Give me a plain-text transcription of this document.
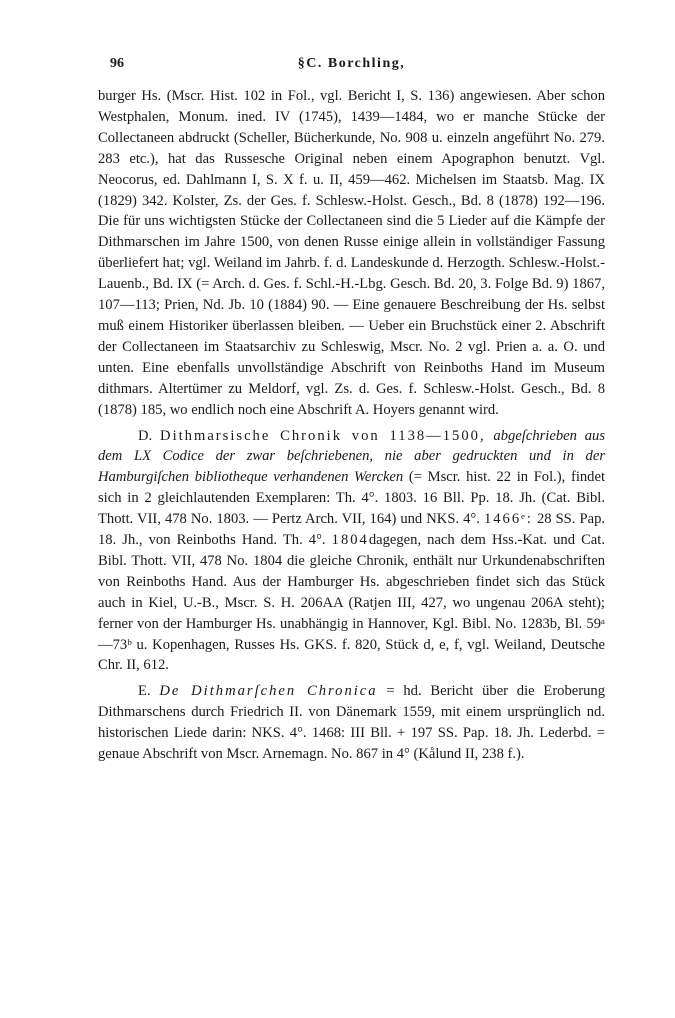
96	§C. Borchling,

burger Hs. (Mscr. Hist. 102 in Fol., vgl. Bericht I, S. 136) angewiesen. Aber schon Westphalen, Monum. ined. IV (1745), 1439—1484, wo er manche Stücke der Collectaneen abdruckt (Scheller, Bücherkunde, No. 908 u. einzeln angeführt No. 279. 283 etc.), hat das Russesche Original neben einem Apographon benutzt. Vgl. Neocorus, ed. Dahlmann I, S. X f. u. II, 459—462. Michelsen im Staatsb. Mag. IX (1829) 342. Kolster, Zs. der Ges. f. Schlesw.-Holst. Gesch., Bd. 8 (1878) 192—196. Die für uns wichtigsten Stücke der Collectaneen sind die 5 Lieder auf die Kämpfe der Dithmarschen im Jahre 1500, von denen Russe einige allein in vollständiger Fassung überliefert hat; vgl. Weiland im Jahrb. f. d. Landeskunde d. Herzogth. Schlesw.-Holst.-Lauenb., Bd. IX (= Arch. d. Ges. f. Schl.-H.-Lbg. Gesch. Bd. 20, 3. Folge Bd. 9) 1867, 107—113; Prien, Nd. Jb. 10 (1884) 90. — Eine genauere Beschreibung der Hs. selbst muß einem Historiker überlassen bleiben. — Ueber ein Bruchstück einer 2. Abschrift der Collectaneen im Staatsarchiv zu Schleswig, Mscr. No. 2 vgl. Prien a. a. O. und unten. Eine ebenfalls unvollständige Abschrift von Reinboths Hand im Museum dithmars. Altertümer zu Meldorf, vgl. Zs. d. Ges. f. Schlesw.-Holst. Gesch., Bd. 8 (1878) 185, wo endlich noch eine Abschrift A. Hoyers genannt wird.

D. Dithmarsische Chronik von 1138—1500, abgeſchrieben aus dem LX Codice der zwar beſchriebenen, nie aber gedruckten und in der Hamburgiſchen bibliotheque verhandenen Wercken (= Mscr. hist. 22 in Fol.), findet sich in 2 gleichlautenden Exemplaren: Th. 4°. 1803. 16 Bll. Pp. 18. Jh. (Cat. Bibl. Thott. VII, 478 No. 1803. — Pertz Arch. VII, 164) und NKS. 4°. 1466ᵉ: 28 SS. Pap. 18. Jh., von Reinboths Hand. Th. 4°. 1804dagegen, nach dem Hss.-Kat. und Cat. Bibl. Thott. VII, 478 No. 1804 die gleiche Chronik, enthält nur Urkundenabschriften von Reinboths Hand. Aus der Hamburger Hs. abgeschrieben findet sich das Stück auch in Kiel, U.-B., Mscr. S. H. 206AA (Ratjen III, 427, wo ungenau 206A steht); ferner von der Hamburger Hs. unabhängig in Hannover, Kgl. Bibl. No. 1283b, Bl. 59ᵃ—73ᵇ u. Kopenhagen, Russes Hs. GKS. f. 820, Stück d, e, f, vgl. Weiland, Deutsche Chr. II, 612.

E. De Dithmarſchen Chronica = hd. Bericht über die Eroberung Dithmarschens durch Friedrich II. von Dänemark 1559, mit einem ursprünglich nd. historischen Liede darin: NKS. 4°. 1468: III Bll. + 197 SS. Pap. 18. Jh. Lederbd. = genaue Abschrift von Mscr. Arnemagn. No. 867 in 4° (Kålund II, 238 f.).
